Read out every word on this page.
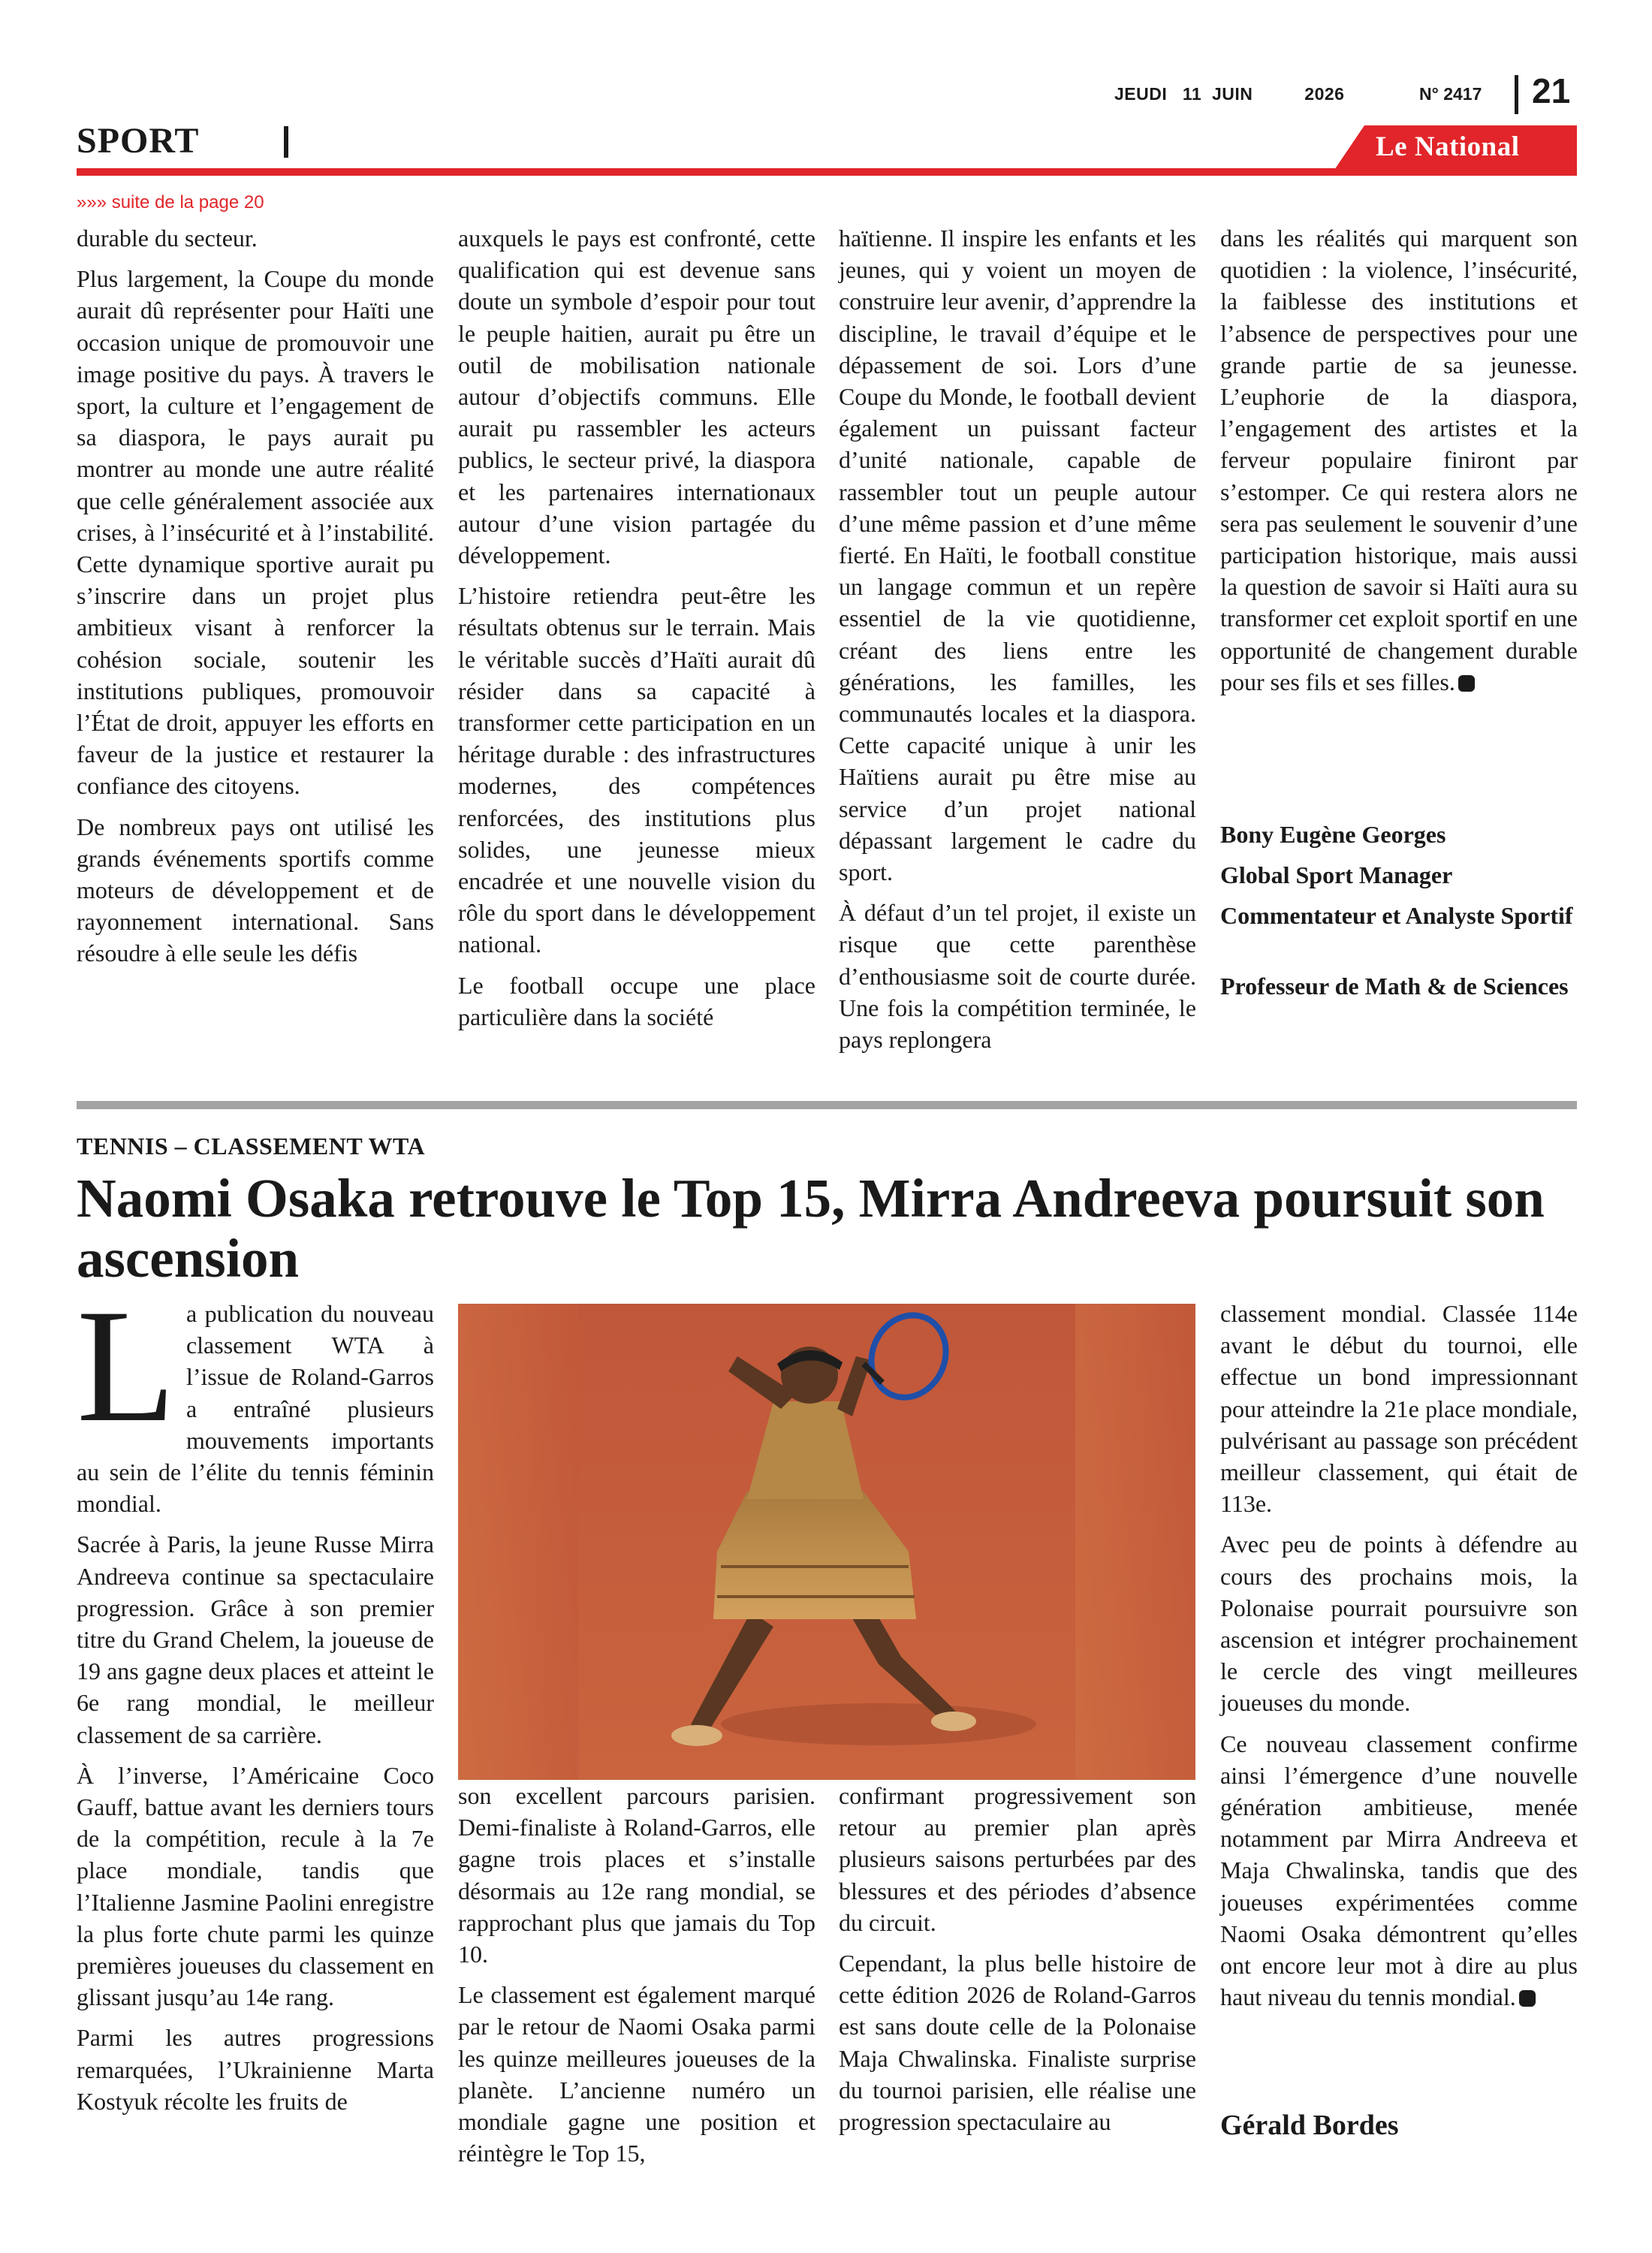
JEUDI   11  JUIN          2026	N° 2417 21
SPORT	Le National
»»» suite de la page 20

durable du secteur.

Plus largement, la Coupe du monde aurait dû représenter pour Haïti une occasion unique de promouvoir une image positive du pays. À travers le sport, la culture et l’engagement de sa diaspora, le pays aurait pu montrer au monde une autre réalité que celle généralement associée aux crises, à l’insécurité et à l’instabilité. Cette dynamique sportive aurait pu s’inscrire dans un projet plus ambitieux visant à renforcer la cohésion sociale, soutenir les institutions publiques, promouvoir l’État de droit, appuyer les efforts en faveur de la justice et restaurer la confiance des citoyens.

De nombreux pays ont utilisé les grands événements sportifs comme moteurs de développement et de rayonnement international. Sans résoudre à elle seule les défis

auxquels le pays est confronté, cette qualification qui est devenue sans doute un symbole d’espoir pour tout le peuple haitien, aurait pu être un outil de mobilisation nationale autour d’objectifs communs. Elle aurait pu rassembler les acteurs publics, le secteur privé, la diaspora et les partenaires internationaux autour d’une vision partagée du développement.

L’histoire retiendra peut-être les résultats obtenus sur le terrain. Mais le véritable succès d’Haïti aurait dû résider dans sa capacité à transformer cette participation en un héritage durable : des infrastructures modernes, des compétences renforcées, des institutions plus solides, une jeunesse mieux encadrée et une nouvelle vision du rôle du sport dans le développement national.

Le football occupe une place particulière dans la société

haïtienne. Il inspire les enfants et les jeunes, qui y voient un moyen de construire leur avenir, d’apprendre la discipline, le travail d’équipe et le dépassement de soi. Lors d’une Coupe du Monde, le football devient également un puissant facteur d’unité nationale, capable de rassembler tout un peuple autour d’une même passion et d’une même fierté. En Haïti, le football constitue un langage commun et un repère essentiel de la vie quotidienne, créant des liens entre les générations, les familles, les communautés locales et la diaspora. Cette capacité unique à unir les Haïtiens aurait pu être mise au service d’un projet national dépassant largement le cadre du sport.

À défaut d’un tel projet, il existe un risque que cette parenthèse d’enthousiasme soit de courte durée. Une fois la compétition terminée, le pays replongera

dans les réalités qui marquent son quotidien : la violence, l’insécurité, la faiblesse des institutions et l’absence de perspectives pour une grande partie de sa jeunesse. L’euphorie de la diaspora, l’engagement des artistes et la ferveur populaire finiront par s’estomper. Ce qui restera alors ne sera pas seulement le souvenir d’une participation historique, mais aussi la question de savoir si Haïti aura su transformer cet exploit sportif en une opportunité de changement durable pour ses fils et ses filles.

Bony Eugène Georges
Global Sport Manager
Commentateur et Analyste Sportif
Professeur de Math & de Sciences
TENNIS – CLASSEMENT WTA
Naomi Osaka retrouve le Top 15, Mirra Andreeva poursuit son ascension

La publication du nouveau classement WTA à l’issue de Roland-Garros a entraîné plusieurs mouvements importants au sein de l’élite du tennis féminin mondial.

Sacrée à Paris, la jeune Russe Mirra Andreeva continue sa spectaculaire progression. Grâce à son premier titre du Grand Chelem, la joueuse de 19 ans gagne deux places et atteint le 6e rang mondial, le meilleur classement de sa carrière.

À l’inverse, l’Américaine Coco Gauff, battue avant les derniers tours de la compétition, recule à la 7e place mondiale, tandis que l’Italienne Jasmine Paolini enregistre la plus forte chute parmi les quinze premières joueuses du classement en glissant jusqu’au 14e rang.

Parmi les autres progressions remarquées, l’Ukrainienne Marta Kostyuk récolte les fruits de

son excellent parcours parisien. Demi-finaliste à Roland-Garros, elle gagne trois places et s’installe désormais au 12e rang mondial, se rapprochant plus que jamais du Top 10.

Le classement est également marqué par le retour de Naomi Osaka parmi les quinze meilleures joueuses de la planète. L’ancienne numéro un mondiale gagne une position et réintègre le Top 15,

confirmant progressivement son retour au premier plan après plusieurs saisons perturbées par des blessures et des périodes d’absence du circuit.

Cependant, la plus belle histoire de cette édition 2026 de Roland-Garros est sans doute celle de la Polonaise Maja Chwalinska. Finaliste surprise du tournoi parisien, elle réalise une progression spectaculaire au

classement mondial. Classée 114e avant le début du tournoi, elle effectue un bond impressionnant pour atteindre la 21e place mondiale, pulvérisant au passage son précédent meilleur classement, qui était de 113e.

Avec peu de points à défendre au cours des prochains mois, la Polonaise pourrait poursuivre son ascension et intégrer prochainement le cercle des vingt meilleures joueuses du monde.

Ce nouveau classement confirme ainsi l’émergence d’une nouvelle génération ambitieuse, menée notamment par Mirra Andreeva et Maja Chwalinska, tandis que des joueuses expérimentées comme Naomi Osaka démontrent qu’elles ont encore leur mot à dire au plus haut niveau du tennis mondial.

Gérald Bordes
